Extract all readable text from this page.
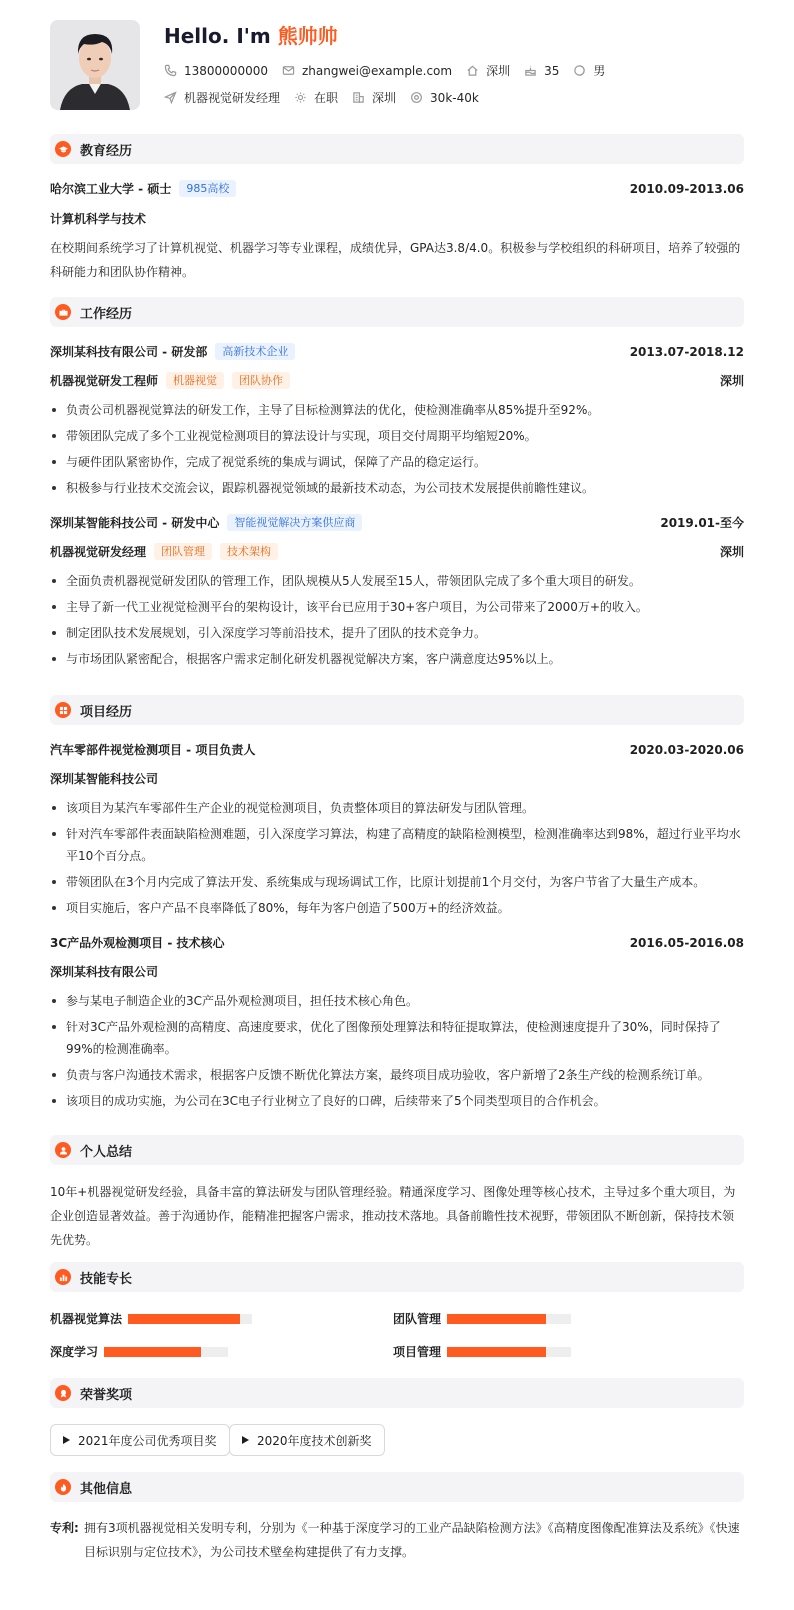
Hello. I'm 熊帅帅
13800000000	zhangwei@example.com	深圳	35	男
机器视觉研发经理	在职	深圳	30k-40k
教育经历
哈尔滨工业大学 - 硕士	985高校	2010.09-2013.06
计算机科学与技术
在校期间系统学习了计算机视觉、机器学习等专业课程，成绩优异，GPA达3.8/4.0。积极参与学校组织的科研项目，培养了较强的科研能力和团队协作精神。
工作经历
深圳某科技有限公司 - 研发部	高新技术企业	2013.07-2018.12
机器视觉研发工程师	机器视觉	团队协作	深圳
负责公司机器视觉算法的研发工作，主导了目标检测算法的优化，使检测准确率从85%提升至92%。
带领团队完成了多个工业视觉检测项目的算法设计与实现，项目交付周期平均缩短20%。
与硬件团队紧密协作，完成了视觉系统的集成与调试，保障了产品的稳定运行。
积极参与行业技术交流会议，跟踪机器视觉领域的最新技术动态，为公司技术发展提供前瞻性建议。
深圳某智能科技公司 - 研发中心	智能视觉解决方案供应商	2019.01-至今
机器视觉研发经理	团队管理	技术架构	深圳
全面负责机器视觉研发团队的管理工作，团队规模从5人发展至15人，带领团队完成了多个重大项目的研发。
主导了新一代工业视觉检测平台的架构设计，该平台已应用于30+客户项目，为公司带来了2000万+的收入。
制定团队技术发展规划，引入深度学习等前沿技术，提升了团队的技术竞争力。
与市场团队紧密配合，根据客户需求定制化研发机器视觉解决方案，客户满意度达95%以上。
项目经历
汽车零部件视觉检测项目 - 项目负责人	2020.03-2020.06
深圳某智能科技公司
该项目为某汽车零部件生产企业的视觉检测项目，负责整体项目的算法研发与团队管理。
针对汽车零部件表面缺陷检测难题，引入深度学习算法，构建了高精度的缺陷检测模型，检测准确率达到98%，超过行业平均水平10个百分点。
带领团队在3个月内完成了算法开发、系统集成与现场调试工作，比原计划提前1个月交付，为客户节省了大量生产成本。
项目实施后，客户产品不良率降低了80%，每年为客户创造了500万+的经济效益。
3C产品外观检测项目 - 技术核心	2016.05-2016.08
深圳某科技有限公司
参与某电子制造企业的3C产品外观检测项目，担任技术核心角色。
针对3C产品外观检测的高精度、高速度要求，优化了图像预处理算法和特征提取算法，使检测速度提升了30%，同时保持了99%的检测准确率。
负责与客户沟通技术需求，根据客户反馈不断优化算法方案，最终项目成功验收，客户新增了2条生产线的检测系统订单。
该项目的成功实施，为公司在3C电子行业树立了良好的口碑，后续带来了5个同类型项目的合作机会。
个人总结
10年+机器视觉研发经验，具备丰富的算法研发与团队管理经验。精通深度学习、图像处理等核心技术，主导过多个重大项目，为企业创造显著效益。善于沟通协作，能精准把握客户需求，推动技术落地。具备前瞻性技术视野，带领团队不断创新，保持技术领先优势。
技能专长
机器视觉算法	团队管理
深度学习	项目管理
荣誉奖项
2021年度公司优秀项目奖	2020年度技术创新奖
其他信息
专利: 拥有3项机器视觉相关发明专利，分别为《一种基于深度学习的工业产品缺陷检测方法》《高精度图像配准算法及系统》《快速目标识别与定位技术》，为公司技术壁垒构建提供了有力支撑。
